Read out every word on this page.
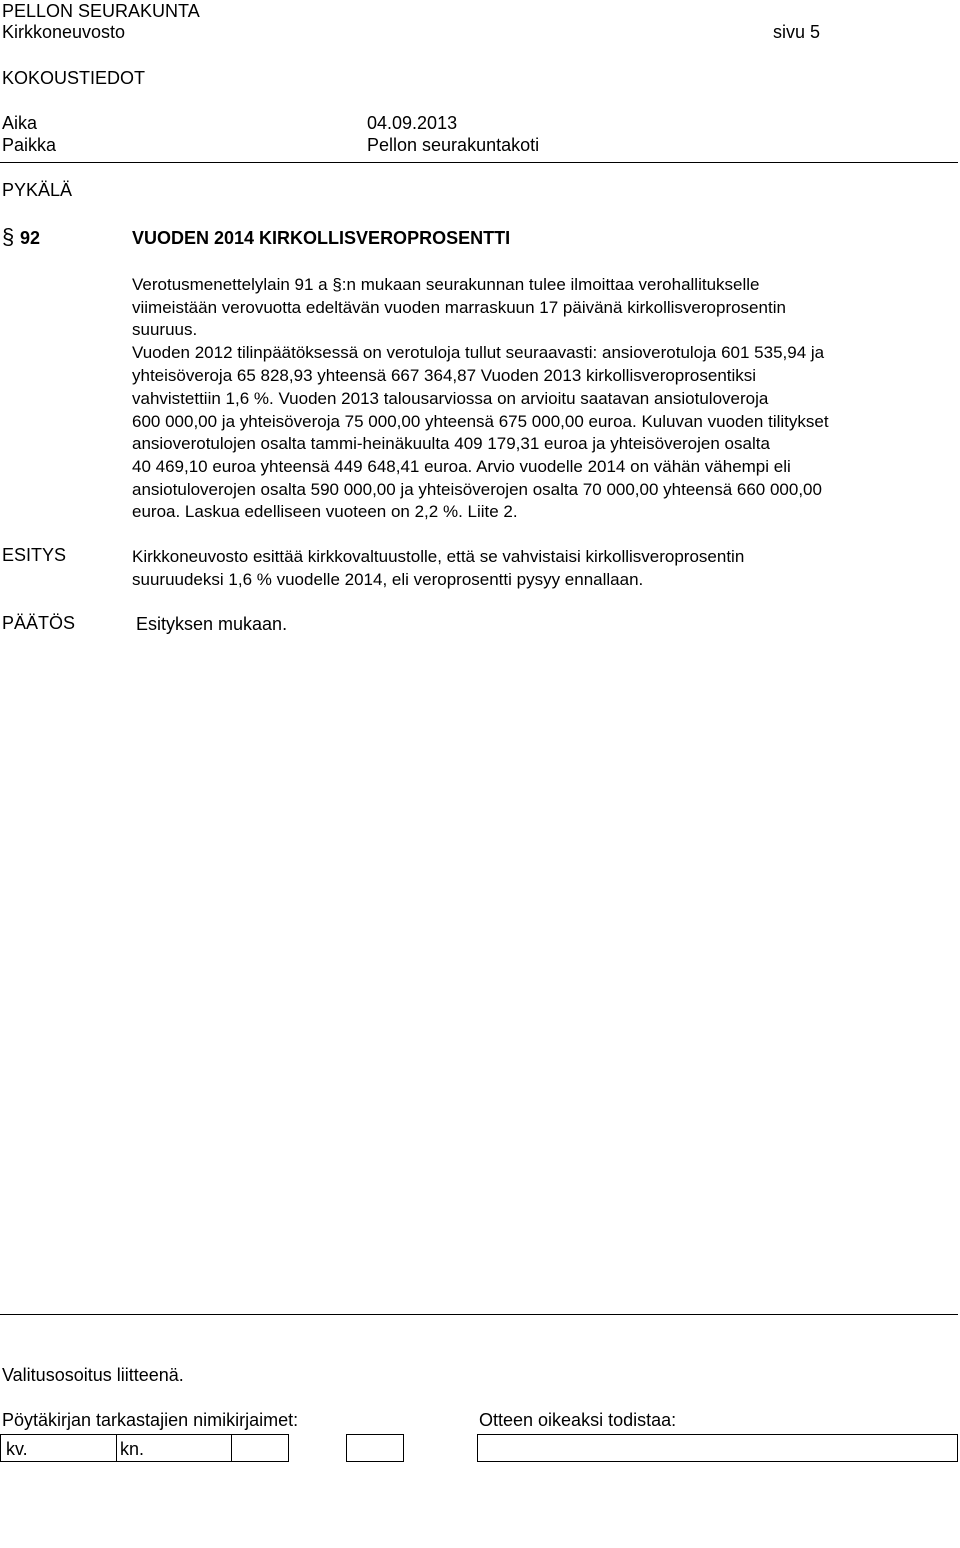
PELLON SEURAKUNTA
Kirkkoneuvosto	sivu 5
KOKOUSTIEDOT
Aika	04.09.2013
Paikka	Pellon seurakuntakoti
PYKÄLÄ
§ 92	VUODEN 2014 KIRKOLLISVEROPROSENTTI
Verotusmenettelylain 91 a §:n mukaan seurakunnan tulee ilmoittaa verohallitukselle
viimeistään verovuotta edeltävän vuoden marraskuun 17 päivänä kirkollisveroprosentin
suuruus.
Vuoden 2012 tilinpäätöksessä on verotuloja tullut seuraavasti: ansioverotuloja 601 535,94 ja
yhteisöveroja 65 828,93 yhteensä 667 364,87 Vuoden 2013 kirkollisveroprosentiksi
vahvistettiin 1,6 %. Vuoden 2013 talousarviossa on arvioitu saatavan ansiotuloveroja
600 000,00 ja yhteisöveroja 75 000,00 yhteensä 675 000,00 euroa. Kuluvan vuoden tilitykset
ansioverotulojen osalta tammi-heinäkuulta 409 179,31 euroa ja yhteisöverojen osalta
40 469,10 euroa yhteensä 449 648,41 euroa. Arvio vuodelle 2014 on vähän vähempi eli
ansiotuloverojen osalta 590 000,00 ja yhteisöverojen osalta 70 000,00 yhteensä 660 000,00
euroa. Laskua edelliseen vuoteen on 2,2 %. Liite 2.
ESITYS	Kirkkoneuvosto esittää kirkkovaltuustolle, että se vahvistaisi kirkollisveroprosentin
suuruudeksi 1,6 % vuodelle 2014, eli veroprosentti pysyy ennallaan.
PÄÄTÖS	Esityksen mukaan.
Valitusosoitus liitteenä.
Pöytäkirjan tarkastajien nimikirjaimet:	Otteen oikeaksi todistaa:
kv.	kn.
